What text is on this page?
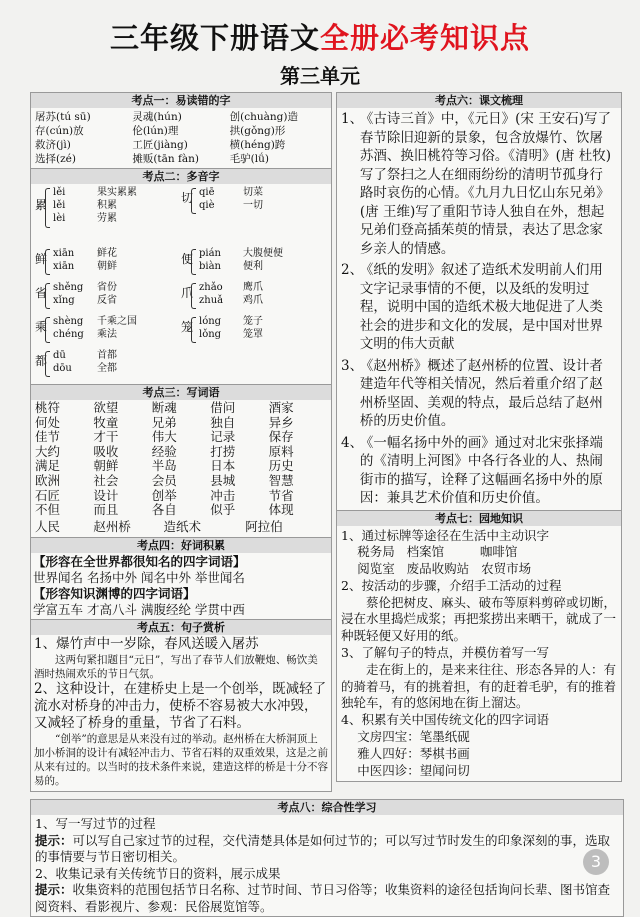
三年级下册语文全册必考知识点
第三单元
考点一：易读错的字
屠苏(tú sū)	灵魂(hún)	创(chuàng)造
存(cún)放	伦(lún)理	拱(gǒng)形
救济(jì)	工匠(jiàng)	横(héng)跨
选择(zé)	摊贩(tān fàn)	毛驴(lǘ)
考点二：多音字
累
lěi	果实累累
lěi	积累
lèi	劳累
切 qiē	切菜
qiè	一切
鲜 xiān	鲜花
xiān	朝鲜
便 pián	大腹便便
biàn	便利
省 shěng	省份
xǐng	反省
爪 zhǎo	鹰爪
zhuǎ	鸡爪
乘 shèng	千乘之国
chéng	乘法
笼 lóng	笼子
lǒng	笼罩
都 dū	首都
dōu	全都
考点三：写词语
桃符	欲望	断魂	借问	酒家
何处	牧童	兄弟	独自	异乡
佳节	才干	伟大	记录	保存
大约	吸收	经验	打捞	原料
满足	朝鲜	半岛	日本	历史
欧洲	社会	会员	县城	智慧
石匠	设计	创举	冲击	节省
不但	而且	各自	似乎	体现
人民	赵州桥	造纸术	阿拉伯
考点四：好词积累
【形容在全世界都很知名的四字词语】
世界闻名 名扬中外 闻名中外 举世闻名
【形容知识渊博的四字词语】
学富五车 才高八斗 满腹经纶 学贯中西
考点五：句子赏析
1、爆竹声中一岁除，春风送暖入屠苏
这两句紧扣题目“元日”，写出了春节人们放鞭炮、畅饮美酒时热闹欢乐的节日气氛。
2、这种设计，在建桥史上是一个创举，既减轻了流水对桥身的冲击力，使桥不容易被大水冲毁，又减轻了桥身的重量，节省了石料。
“创举”的意思是从来没有过的举动。赵州桥在大桥洞顶上加小桥洞的设计有减轻冲击力、节省石料的双重效果，这是之前从来有过的。以当时的技术条件来说，建造这样的桥是十分不容易的。
考点六：课文梳理
1、《古诗三首》中，《元日》(宋 王安石)写了春节除旧迎新的景象，包含放爆竹、饮屠苏酒、换旧桃符等习俗。《清明》(唐 杜牧)写了祭扫之人在细雨纷纷的清明节孤身行路时哀伤的心情。《九月九日忆山东兄弟》(唐 王维)写了重阳节诗人独自在外，想起兄弟们登高插茱萸的情景，表达了思念家乡亲人的情感。
2、《纸的发明》叙述了造纸术发明前人们用文字记录事情的不便，以及纸的发明过程，说明中国的造纸术极大地促进了人类社会的进步和文化的发展，是中国对世界文明的伟大贡献
3、《赵州桥》概述了赵州桥的位置、设计者建造年代等相关情况，然后着重介绍了赵州桥坚固、美观的特点，最后总结了赵州桥的历史价值。
4、《一幅名扬中外的画》通过对北宋张择端的《清明上河图》中各行各业的人、热闹街市的描写，诠释了这幅画名扬中外的原因：兼具艺术价值和历史价值。
考点七：园地知识
1、通过标牌等途径在生活中主动识字
税务局   档案馆         咖啡馆
阅览室   废品收购站   农贸市场
2、按活动的步骤，介绍手工活动的过程
蔡伦把树皮、麻头、破布等原料剪碎或切断，浸在水里捣烂成浆；再把浆捞出来晒干，就成了一种既轻便又好用的纸。
3、了解句子的特点，并模仿着写一写
走在街上的，是来来往往、形态各异的人：有的骑着马，有的挑着担，有的赶着毛驴，有的推着独轮车，有的悠闲地在街上溜达。
4、积累有关中国传统文化的四字词语
文房四宝：笔墨纸砚
雅人四好：琴棋书画
中医四诊：望闻问切
考点八：综合性学习
1、写一写过节的过程
提示：可以写自己家过节的过程，交代清楚具体是如何过节的；可以写过节时发生的印象深刻的事，选取的事情要与节日密切相关。
2、收集记录有关传统节日的资料，展示成果
提示：收集资料的范围包括节日名称、过节时间、节日习俗等；收集资料的途径包括询问长辈、图书馆查阅资料、看影视片、参观：民俗展览馆等。
3
